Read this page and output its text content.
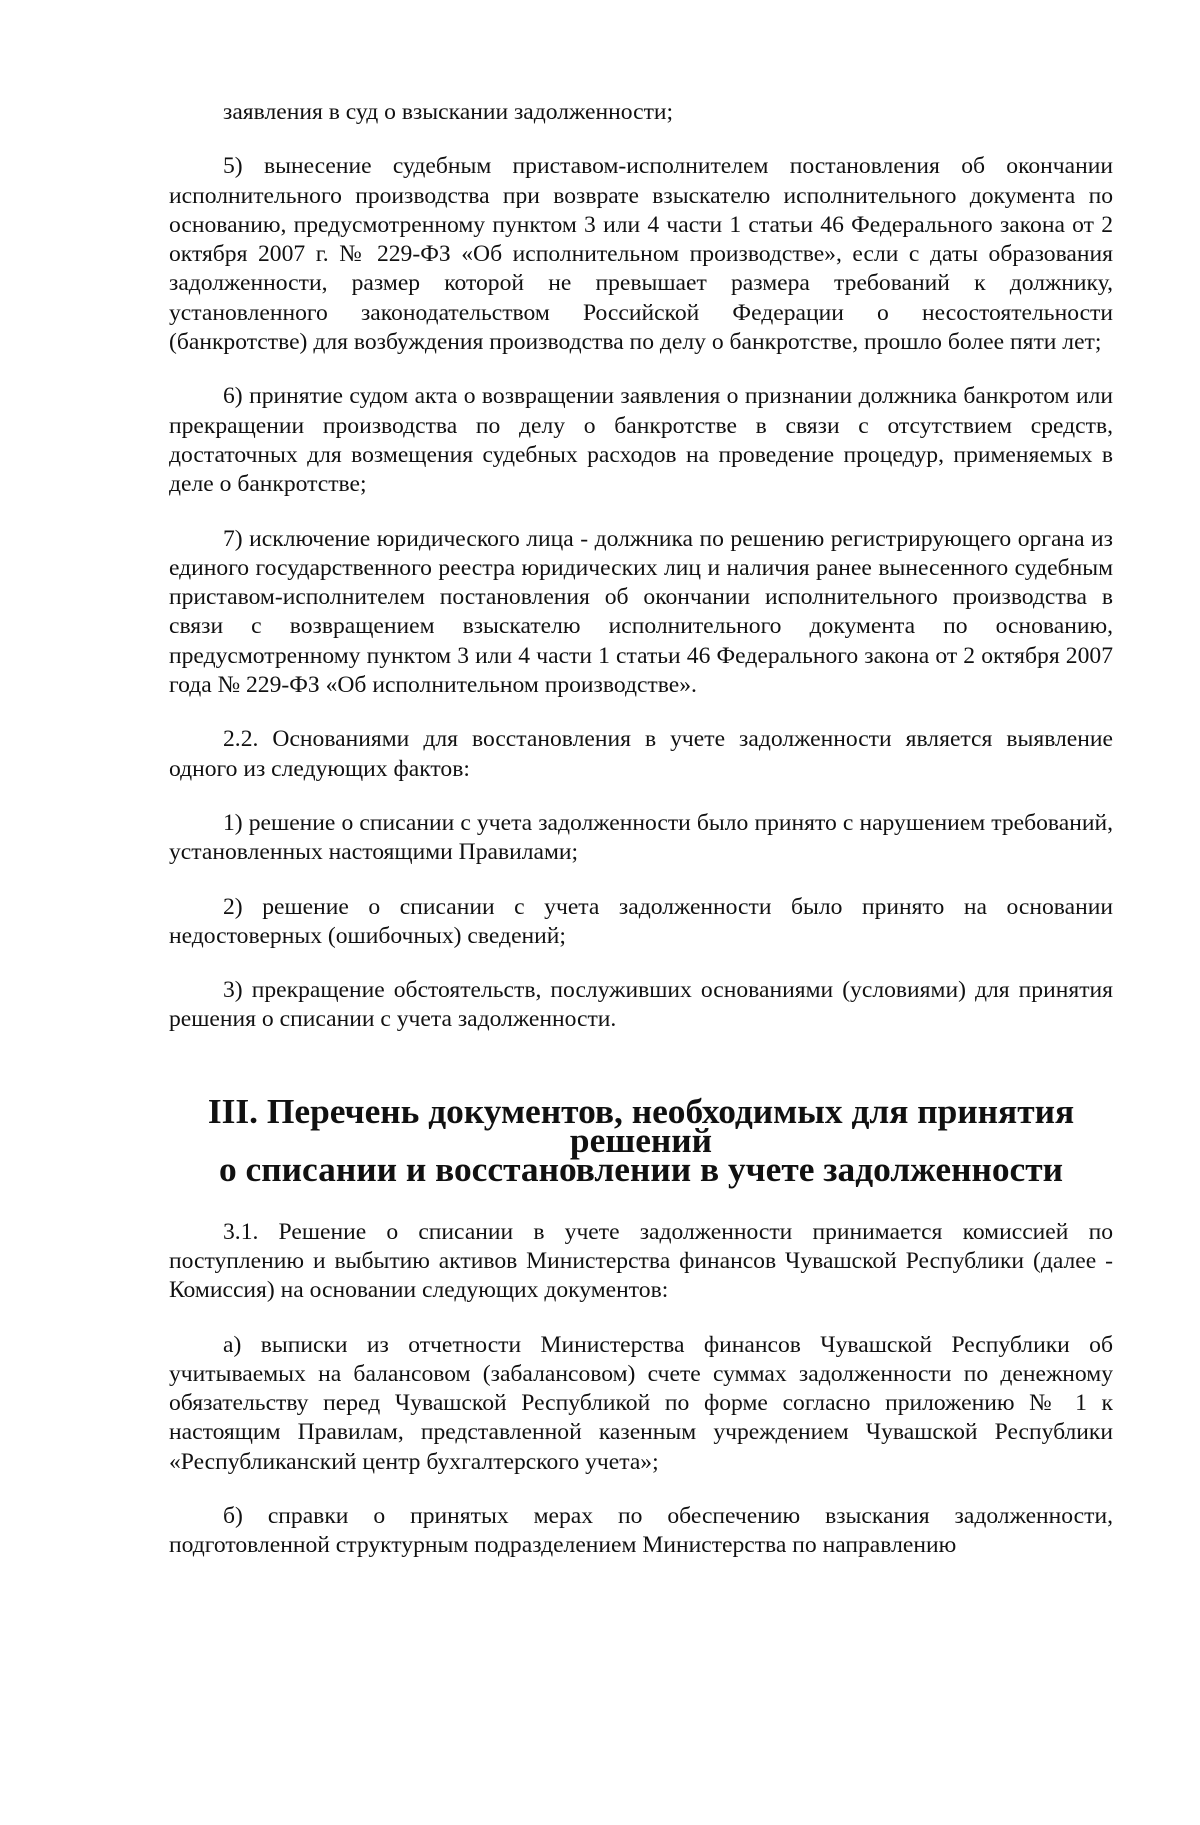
заявления в суд о взыскании задолженности;

5) вынесение судебным приставом-исполнителем постановления об окончании исполнительного производства при возврате взыскателю исполнительного документа по основанию, предусмотренному пунктом 3 или 4 части 1 статьи 46 Федерального закона от 2 октября 2007 г. № 229-ФЗ «Об исполнительном производстве», если с даты образования задолженности, размер которой не превышает размера требований к должнику, установленного законодательством Российской Федерации о несостоятельности (банкротстве) для возбуждения производства по делу о банкротстве, прошло более пяти лет;

6) принятие судом акта о возвращении заявления о признании должника банкротом или прекращении производства по делу о банкротстве в связи с отсутствием средств, достаточных для возмещения судебных расходов на проведение процедур, применяемых в деле о банкротстве;

7) исключение юридического лица - должника по решению регистрирующего органа из единого государственного реестра юридических лиц и наличия ранее вынесенного судебным приставом-исполнителем постановления об окончании исполнительного производства в связи с возвращением взыскателю исполнительного документа по основанию, предусмотренному пунктом 3 или 4 части 1 статьи 46 Федерального закона от 2 октября 2007 года № 229-ФЗ «Об исполнительном производстве».

2.2. Основаниями для восстановления в учете задолженности является выявление одного из следующих фактов:

1) решение о списании с учета задолженности было принято с нарушением требований, установленных настоящими Правилами;

2) решение о списании с учета задолженности было принято на основании недостоверных (ошибочных) сведений;

3) прекращение обстоятельств, послуживших основаниями (условиями) для принятия решения о списании с учета задолженности.

III. Перечень документов, необходимых для принятия решений
о списании и восстановлении в учете задолженности

3.1. Решение о списании в учете задолженности принимается комиссией по поступлению и выбытию активов Министерства финансов Чувашской Республики (далее - Комиссия) на основании следующих документов:

а) выписки из отчетности Министерства финансов Чувашской Республики об учитываемых на балансовом (забалансовом) счете суммах задолженности по денежному обязательству перед Чувашской Республикой по форме согласно приложению № 1 к настоящим Правилам, представленной казенным учреждением Чувашской Республики «Республиканский центр бухгалтерского учета»;

б) справки о принятых мерах по обеспечению взыскания задолженности, подготовленной структурным подразделением Министерства по направлению
